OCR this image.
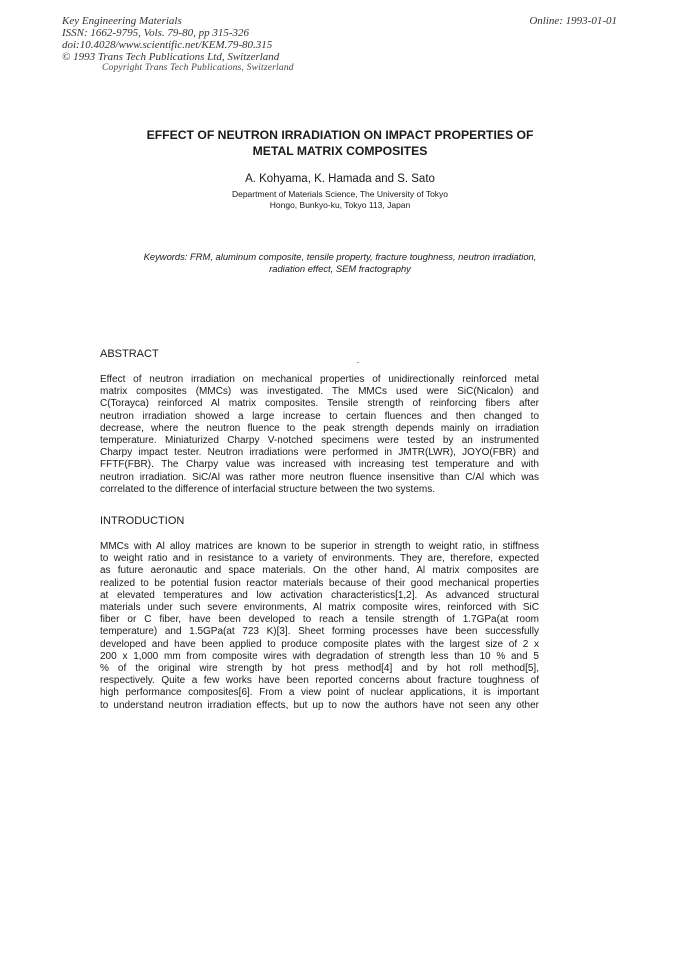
Key Engineering Materials
ISSN: 1662-9795, Vols. 79-80, pp 315-326
doi:10.4028/www.scientific.net/KEM.79-80.315
© 1993 Trans Tech Publications Ltd, Switzerland
Copyright Trans Tech Publications, Switzerland
Online: 1993-01-01
EFFECT OF NEUTRON IRRADIATION ON IMPACT PROPERTIES OF
METAL MATRIX COMPOSITES
A. Kohyama, K. Hamada and S. Sato
Department of Materials Science, The University of Tokyo
Hongo, Bunkyo-ku, Tokyo 113, Japan
Keywords: FRM, aluminum composite, tensile property, fracture toughness, neutron irradiation,
radiation effect, SEM fractography
ABSTRACT
Effect of neutron irradiation on mechanical properties of unidirectionally reinforced metal
matrix composites (MMCs) was investigated. The MMCs used were SiC(Nicalon) and
C(Torayca) reinforced Al matrix composites. Tensile strength of reinforcing fibers after
neutron irradiation showed a large increase to certain fluences and then changed to
decrease, where the neutron fluence to the peak strength depends mainly on irradiation
temperature. Miniaturized Charpy V-notched specimens were tested by an instrumented
Charpy impact tester. Neutron irradiations were performed in JMTR(LWR), JOYO(FBR) and
FFTF(FBR). The Charpy value was increased with increasing test temperature and with
neutron irradiation. SiC/Al was rather more neutron fluence insensitive than C/Al which was
correlated to the difference of interfacial structure between the two systems.
INTRODUCTION
MMCs with Al alloy matrices are known to be superior in strength to weight ratio, in stiffness
to weight ratio and in resistance to a variety of environments. They are, therefore, expected
as future aeronautic and space materials. On the other hand, Al matrix composites are
realized to be potential fusion reactor materials because of their good mechanical properties
at elevated temperatures and low activation characteristics[1,2]. As advanced structural
materials under such severe environments, Al matrix composite wires, reinforced with SiC
fiber or C fiber, have been developed to reach a tensile strength of 1.7GPa(at room
temperature) and 1.5GPa(at 723 K)[3]. Sheet forming processes have been successfully
developed and have been applied to produce composite plates with the largest size of 2 x
200 x 1,000 mm from composite wires with degradation of strength less than 10 % and 5
% of the original wire strength by hot press method[4] and by hot roll method[5],
respectively. Quite a few works have been reported concerns about fracture toughness of
high performance composites[6]. From a view point of nuclear applications, it is important
to understand neutron irradiation effects, but up to now the authors have not seen any other
